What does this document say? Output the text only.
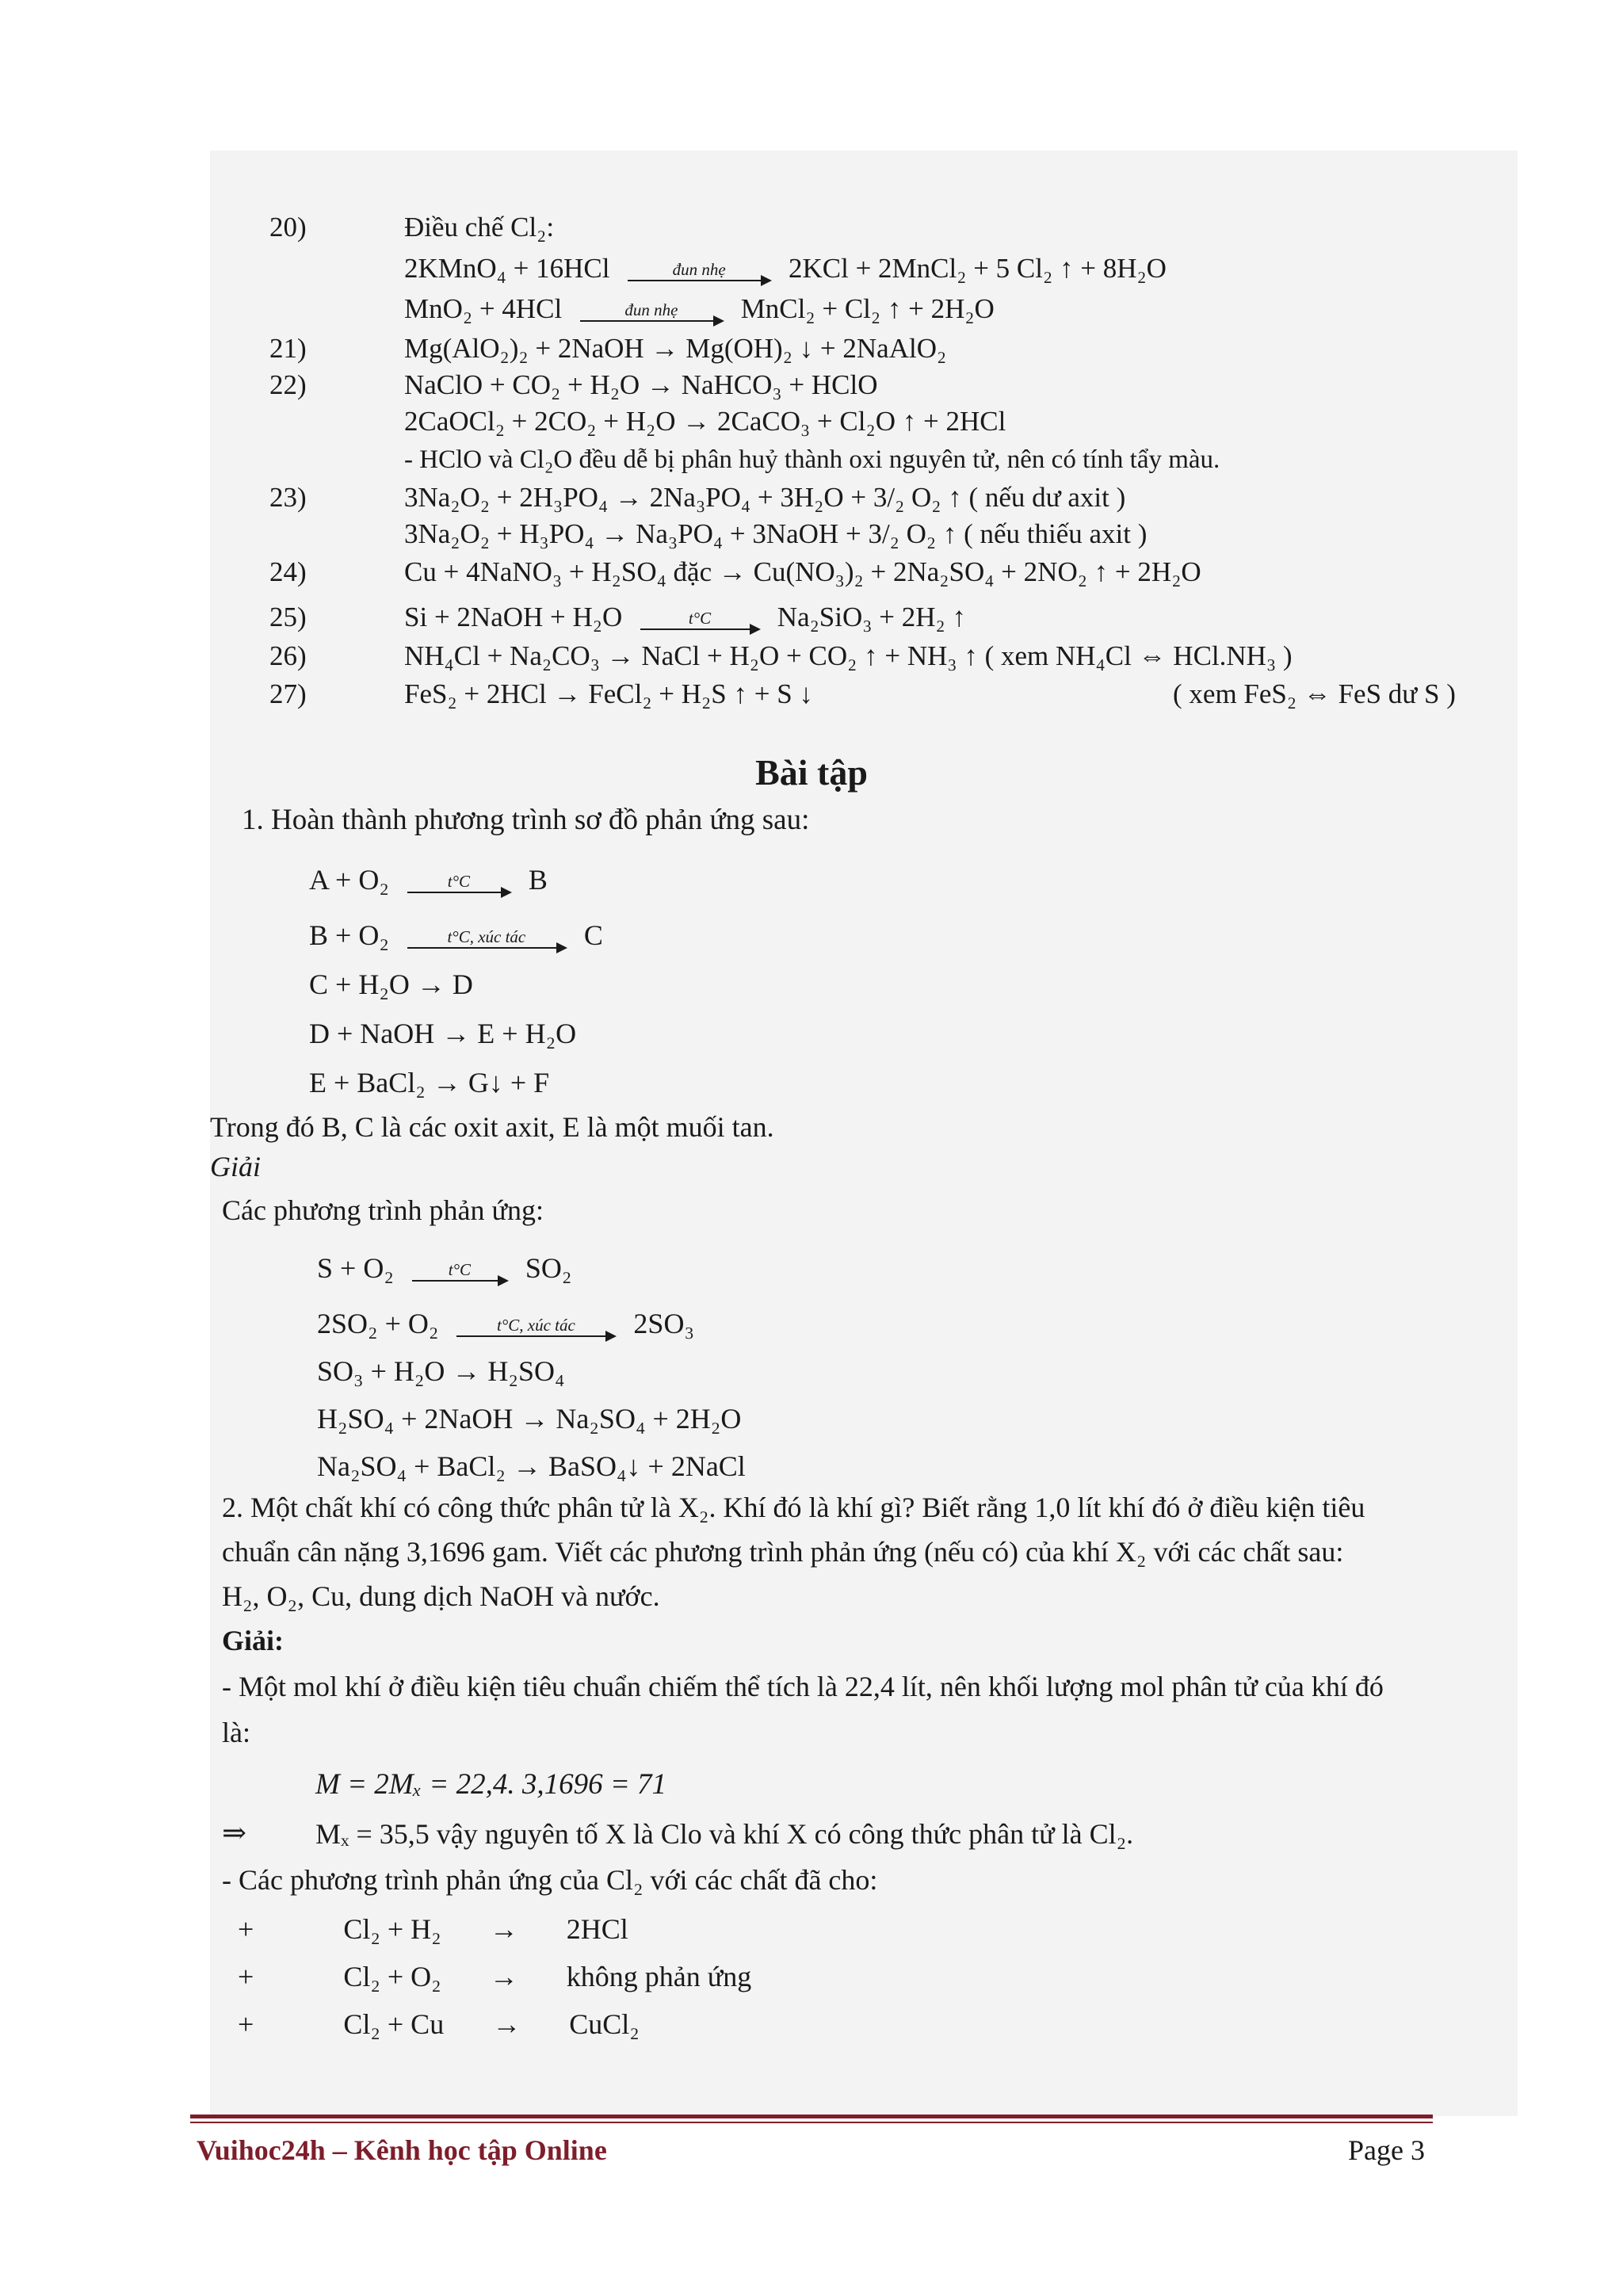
20)	Điều chế Cl₂:
2KMnO₄ + 16HCl	đun nhẹ	2KCl + 2MnCl₂ + 5 Cl₂ ↑ + 8H₂O
MnO₂ + 4HCl	đun nhẹ	MnCl₂ + Cl₂ ↑ + 2H₂O
21)	Mg(AlO₂)₂ + 2NaOH → Mg(OH)₂ ↓ + 2NaAlO₂
22)	NaClO + CO₂ + H₂O → NaHCO₃ + HClO
2CaOCl₂ + 2CO₂ + H₂O → 2CaCO₃ + Cl₂O ↑ + 2HCl
- HClO và Cl₂O đều dễ bị phân huỷ thành oxi nguyên tử, nên có tính tẩy màu.
23)	3Na₂O₂ + 2H₃PO₄ → 2Na₃PO₄ + 3H₂O + 3/₂ O₂ ↑ ( nếu dư axit )
3Na₂O₂ + H₃PO₄ → Na₃PO₄ + 3NaOH + 3/₂ O₂ ↑ ( nếu thiếu axit )
24)	Cu + 4NaNO₃ + H₂SO₄ đặc → Cu(NO₃)₂ + 2Na₂SO₄ + 2NO₂ ↑ + 2H₂O
25)	Si + 2NaOH + H₂O	t°C	Na₂SiO₃ + 2H₂ ↑
26)	NH₄Cl + Na₂CO₃ → NaCl + H₂O + CO₂ ↑ + NH₃ ↑ ( xem NH₄Cl ⇔ HCl.NH₃ )
27)	FeS₂ + 2HCl → FeCl₂ + H₂S ↑ + S ↓	( xem FeS₂ ⇔ FeS dư S )
Bài tập
1. Hoàn thành phương trình sơ đồ phản ứng sau:
A + O₂	t°C	B
B + O₂	t°C, xúc tác	C
C + H₂O → D
D + NaOH → E + H₂O
E + BaCl₂ → G↓ + F
Trong đó B, C là các oxit axit, E là một muối tan.
Giải
Các phương trình phản ứng:
S + O₂	t°C	SO₂
2SO₂ + O₂	t°C, xúc tác	2SO₃
SO₃ + H₂O → H₂SO₄
H₂SO₄ + 2NaOH → Na₂SO₄ + 2H₂O
Na₂SO₄ + BaCl₂ → BaSO₄↓ + 2NaCl
2. Một chất khí có công thức phân tử là X₂. Khí đó là khí gì? Biết rằng 1,0 lít khí đó ở điều kiện tiêu
chuẩn cân nặng 3,1696 gam. Viết các phương trình phản ứng (nếu có) của khí X₂ với các chất sau:
H₂, O₂, Cu, dung dịch NaOH và nước.
Giải:
- Một mol khí ở điều kiện tiêu chuẩn chiếm thể tích là 22,4 lít, nên khối lượng mol phân tử của khí đó
là:
M = 2Mₓ = 22,4. 3,1696 = 71
⇒ Mₓ = 35,5 vậy nguyên tố X là Clo và khí X có công thức phân tử là Cl₂.
- Các phương trình phản ứng của Cl₂ với các chất đã cho:
+	Cl₂ + H₂ → 2HCl
+	Cl₂ + O₂ → không phản ứng
+	Cl₂ + Cu → CuCl₂
Vuihoc24h – Kênh học tập Online	Page 3
